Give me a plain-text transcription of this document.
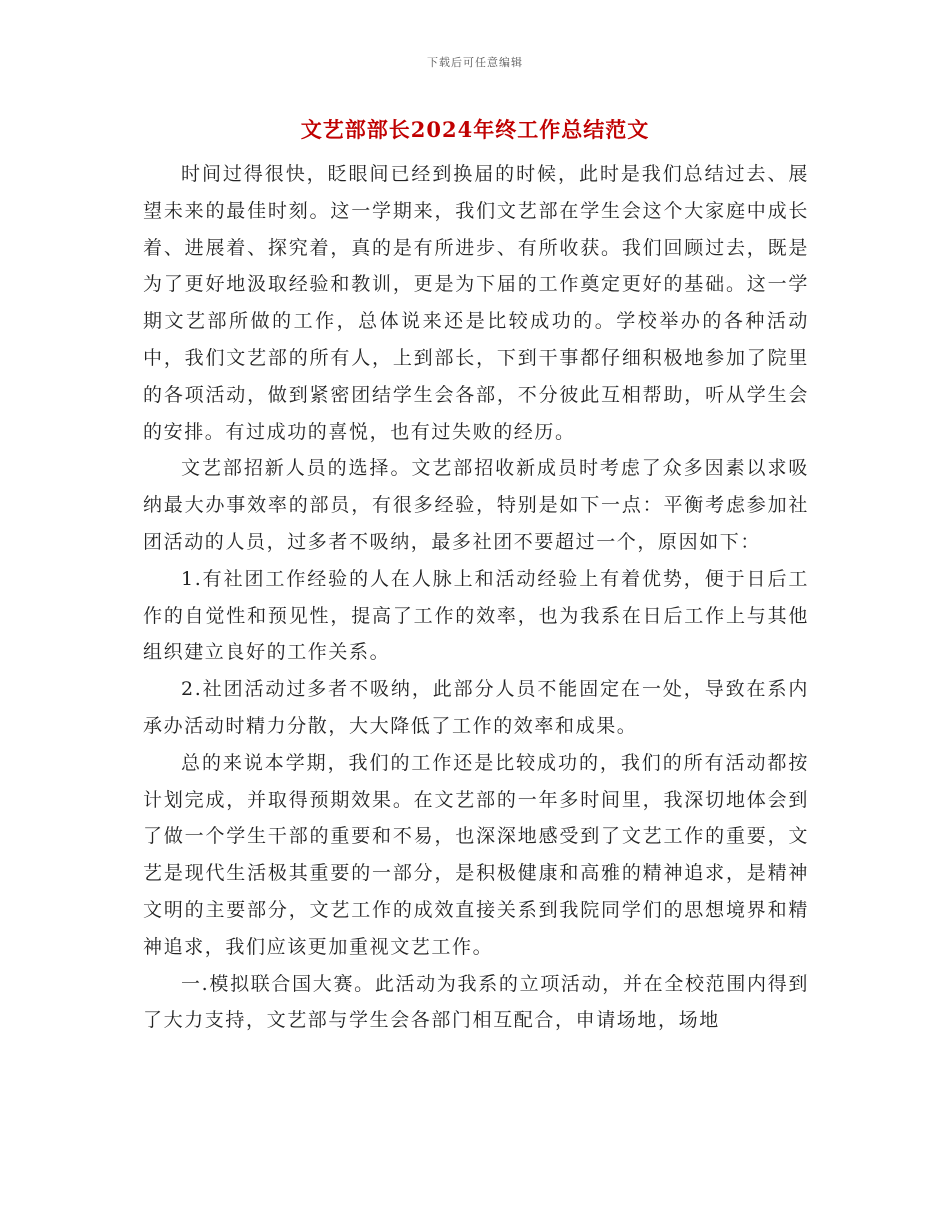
下载后可任意编辑
文艺部部长2024年终工作总结范文

时间过得很快，眨眼间已经到换届的时候，此时是我们总结过去、展望未来的最佳时刻。这一学期来，我们文艺部在学生会这个大家庭中成长着、进展着、探究着，真的是有所进步、有所收获。我们回顾过去，既是为了更好地汲取经验和教训，更是为下届的工作奠定更好的基础。这一学期文艺部所做的工作，总体说来还是比较成功的。学校举办的各种活动中，我们文艺部的所有人，上到部长，下到干事都仔细积极地参加了院里的各项活动，做到紧密团结学生会各部，不分彼此互相帮助，听从学生会的安排。有过成功的喜悦，也有过失败的经历。

文艺部招新人员的选择。文艺部招收新成员时考虑了众多因素以求吸纳最大办事效率的部员，有很多经验，特别是如下一点：平衡考虑参加社团活动的人员，过多者不吸纳，最多社团不要超过一个，原因如下：

1.有社团工作经验的人在人脉上和活动经验上有着优势，便于日后工作的自觉性和预见性，提高了工作的效率，也为我系在日后工作上与其他组织建立良好的工作关系。

2.社团活动过多者不吸纳，此部分人员不能固定在一处，导致在系内承办活动时精力分散，大大降低了工作的效率和成果。

总的来说本学期，我们的工作还是比较成功的，我们的所有活动都按计划完成，并取得预期效果。在文艺部的一年多时间里，我深切地体会到了做一个学生干部的重要和不易，也深深地感受到了文艺工作的重要，文艺是现代生活极其重要的一部分，是积极健康和高雅的精神追求，是精神文明的主要部分，文艺工作的成效直接关系到我院同学们的思想境界和精神追求，我们应该更加重视文艺工作。

一.模拟联合国大赛。此活动为我系的立项活动，并在全校范围内得到了大力支持，文艺部与学生会各部门相互配合，申请场地，场地
